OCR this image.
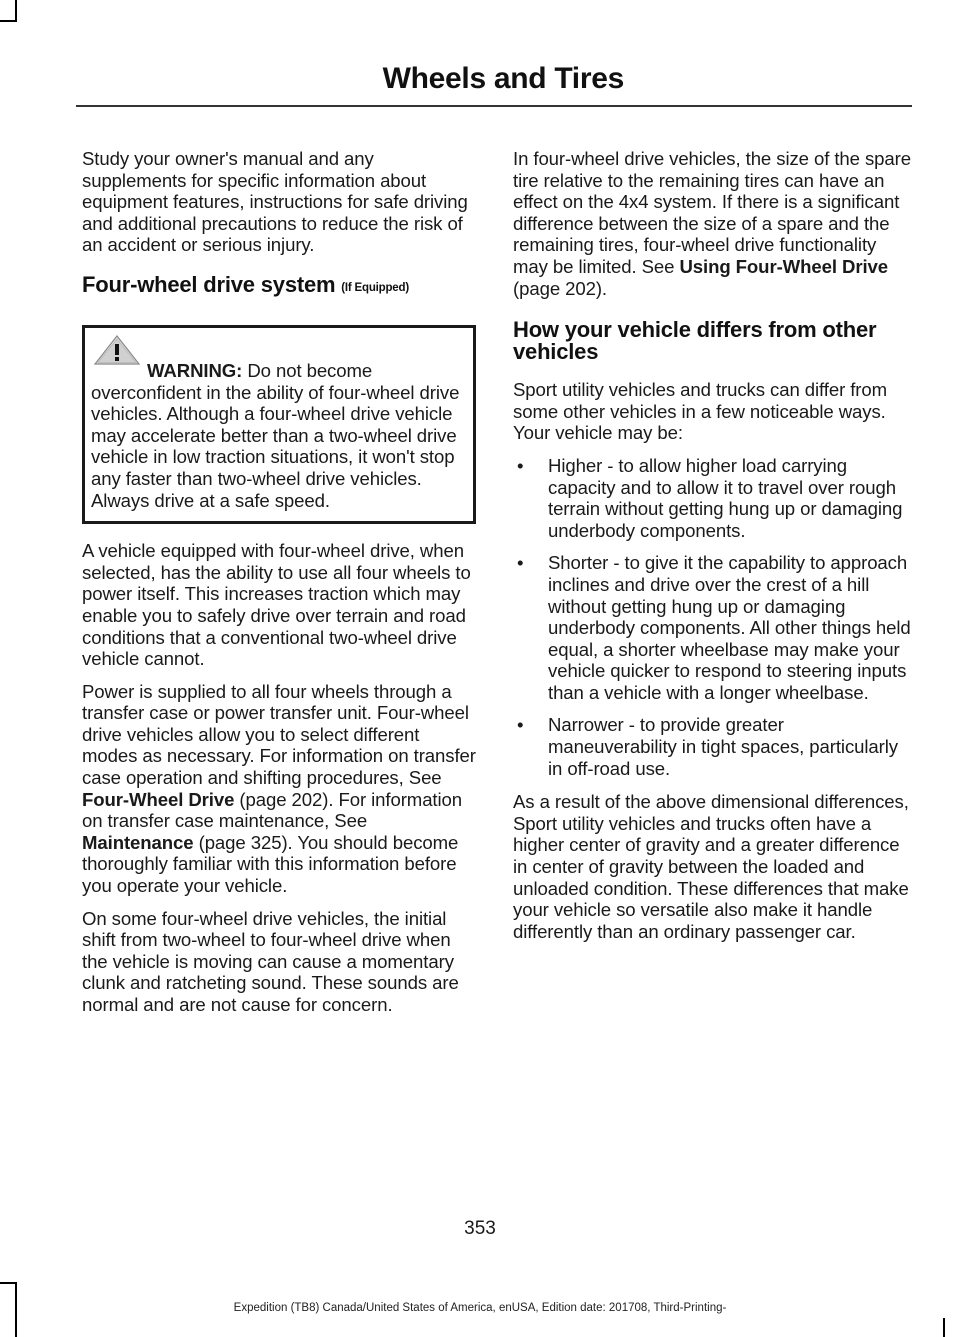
Wheels and Tires

Study your owner's manual and any supplements for specific information about equipment features, instructions for safe driving and additional precautions to reduce the risk of an accident or serious injury.

Four-wheel drive system (If Equipped)
WARNING: Do not become overconfident in the ability of four-wheel drive vehicles. Although a four-wheel drive vehicle may accelerate better than a two-wheel drive vehicle in low traction situations, it won't stop any faster than two-wheel drive vehicles. Always drive at a safe speed.

A vehicle equipped with four-wheel drive, when selected, has the ability to use all four wheels to power itself. This increases traction which may enable you to safely drive over terrain and road conditions that a conventional two-wheel drive vehicle cannot.

Power is supplied to all four wheels through a transfer case or power transfer unit. Four-wheel drive vehicles allow you to select different modes as necessary. For information on transfer case operation and shifting procedures, See Four-Wheel Drive (page 202). For information on transfer case maintenance, See Maintenance (page 325). You should become thoroughly familiar with this information before you operate your vehicle.

On some four-wheel drive vehicles, the initial shift from two-wheel to four-wheel drive when the vehicle is moving can cause a momentary clunk and ratcheting sound. These sounds are normal and are not cause for concern.

In four-wheel drive vehicles, the size of the spare tire relative to the remaining tires can have an effect on the 4x4 system. If there is a significant difference between the size of a spare and the remaining tires, four-wheel drive functionality may be limited. See Using Four-Wheel Drive (page 202).

How your vehicle differs from other vehicles

Sport utility vehicles and trucks can differ from some other vehicles in a few noticeable ways. Your vehicle may be:

• Higher - to allow higher load carrying capacity and to allow it to travel over rough terrain without getting hung up or damaging underbody components.
• Shorter - to give it the capability to approach inclines and drive over the crest of a hill without getting hung up or damaging underbody components. All other things held equal, a shorter wheelbase may make your vehicle quicker to respond to steering inputs than a vehicle with a longer wheelbase.
• Narrower - to provide greater maneuverability in tight spaces, particularly in off-road use.

As a result of the above dimensional differences, Sport utility vehicles and trucks often have a higher center of gravity and a greater difference in center of gravity between the loaded and unloaded condition. These differences that make your vehicle so versatile also make it handle differently than an ordinary passenger car.

353
Expedition (TB8) Canada/United States of America, enUSA, Edition date: 201708, Third-Printing-
